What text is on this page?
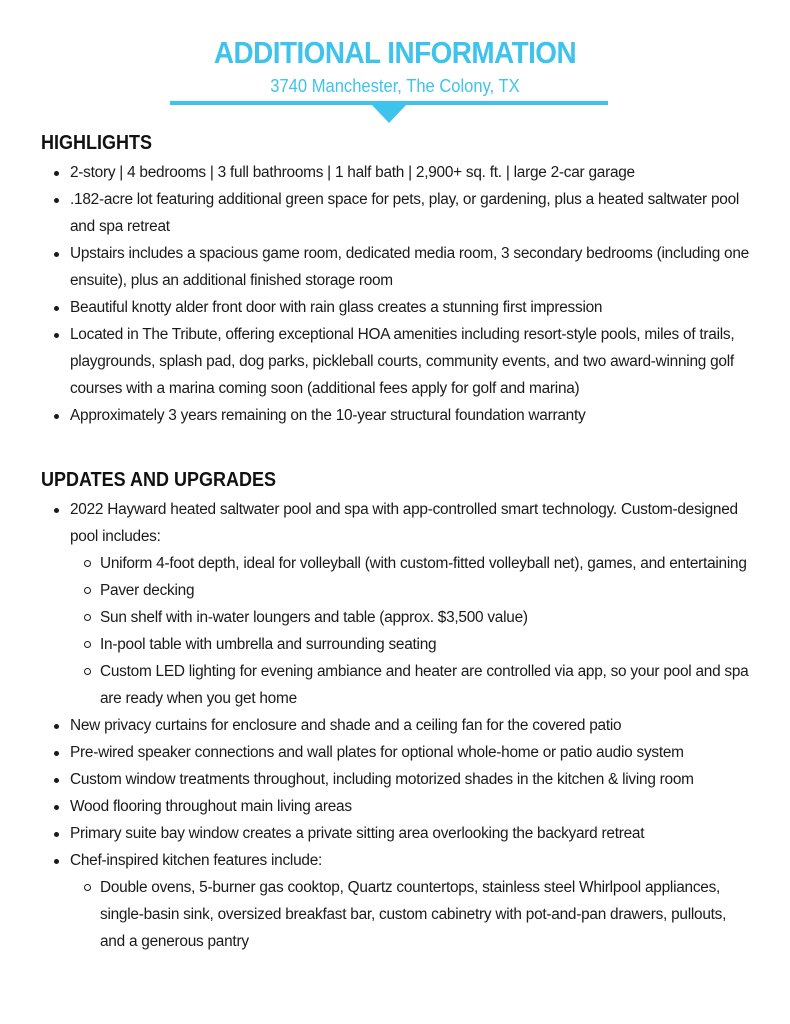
ADDITIONAL INFORMATION
3740 Manchester, The Colony, TX
HIGHLIGHTS
2-story | 4 bedrooms | 3 full bathrooms | 1 half bath | 2,900+ sq. ft. | large 2-car garage
.182-acre lot featuring additional green space for pets, play, or gardening, plus a heated saltwater pool and spa retreat
Upstairs includes a spacious game room, dedicated media room, 3 secondary bedrooms (including one ensuite), plus an additional finished storage room
Beautiful knotty alder front door with rain glass creates a stunning first impression
Located in The Tribute, offering exceptional HOA amenities including resort-style pools, miles of trails, playgrounds, splash pad, dog parks, pickleball courts, community events, and two award-winning golf courses with a marina coming soon (additional fees apply for golf and marina)
Approximately 3 years remaining on the 10-year structural foundation warranty
UPDATES AND UPGRADES
2022 Hayward heated saltwater pool and spa with app-controlled smart technology. Custom-designed pool includes:
Uniform 4-foot depth, ideal for volleyball (with custom-fitted volleyball net), games, and entertaining
Paver decking
Sun shelf with in-water loungers and table (approx. $3,500 value)
In-pool table with umbrella and surrounding seating
Custom LED lighting for evening ambiance and heater are controlled via app, so your pool and spa are ready when you get home
New privacy curtains for enclosure and shade and a ceiling fan for the covered patio
Pre-wired speaker connections and wall plates for optional whole-home or patio audio system
Custom window treatments throughout, including motorized shades in the kitchen & living room
Wood flooring throughout main living areas
Primary suite bay window creates a private sitting area overlooking the backyard retreat
Chef-inspired kitchen features include:
Double ovens, 5-burner gas cooktop, Quartz countertops, stainless steel Whirlpool appliances, single-basin sink, oversized breakfast bar, custom cabinetry with pot-and-pan drawers, pullouts, and a generous pantry
